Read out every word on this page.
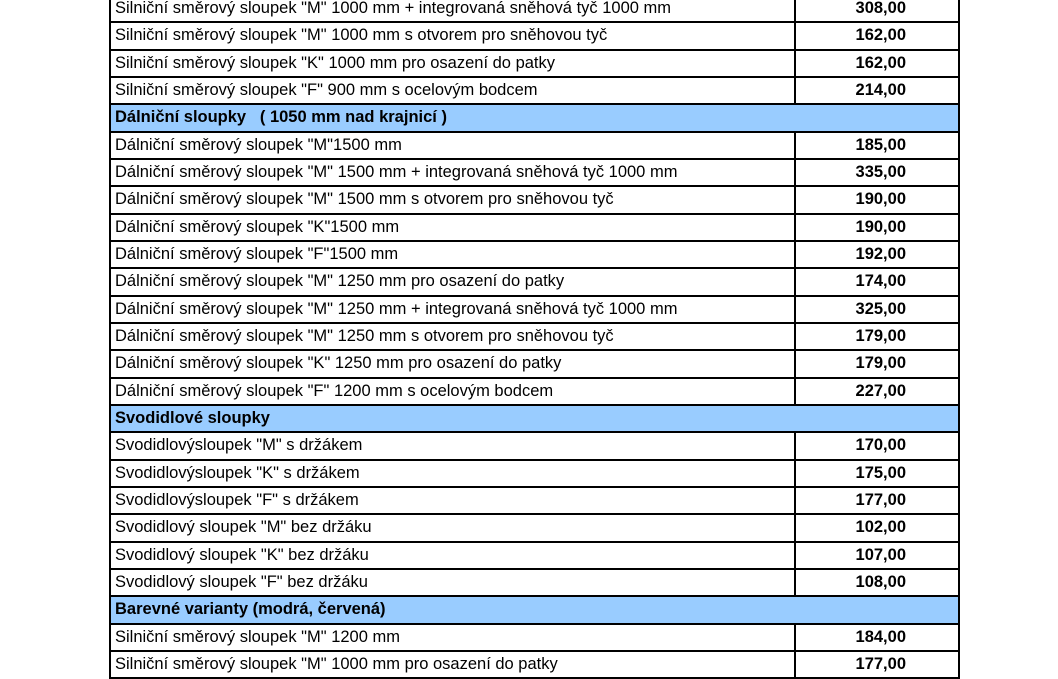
Silniční směrový sloupek "M" 1000 mm + integrovaná sněhová tyč 1000 mm	308,00
Silniční směrový sloupek "M" 1000 mm s otvorem pro sněhovou tyč	162,00
Silniční směrový sloupek "K" 1000 mm pro osazení do patky	162,00
Silniční směrový sloupek "F" 900 mm s ocelovým bodcem	214,00
Dálniční sloupky   ( 1050 mm nad krajnicí )
Dálniční směrový sloupek "M"1500 mm	185,00
Dálniční směrový sloupek "M" 1500 mm + integrovaná sněhová tyč 1000 mm	335,00
Dálniční směrový sloupek "M" 1500 mm s otvorem pro sněhovou tyč	190,00
Dálniční směrový sloupek "K"1500 mm	190,00
Dálniční směrový sloupek "F"1500 mm	192,00
Dálniční směrový sloupek "M" 1250 mm pro osazení do patky	174,00
Dálniční směrový sloupek "M" 1250 mm + integrovaná sněhová tyč 1000 mm	325,00
Dálniční směrový sloupek "M" 1250 mm s otvorem pro sněhovou tyč	179,00
Dálniční směrový sloupek "K" 1250 mm pro osazení do patky	179,00
Dálniční směrový sloupek "F" 1200 mm s ocelovým bodcem	227,00
Svodidlové sloupky
Svodidlovýsloupek "M" s držákem	170,00
Svodidlovýsloupek "K" s držákem	175,00
Svodidlovýsloupek "F" s držákem	177,00
Svodidlový sloupek "M" bez držáku	102,00
Svodidlový sloupek "K" bez držáku	107,00
Svodidlový sloupek "F" bez držáku	108,00
Barevné varianty (modrá, červená)
Silniční směrový sloupek "M" 1200 mm	184,00
Silniční směrový sloupek "M" 1000 mm pro osazení do patky	177,00
